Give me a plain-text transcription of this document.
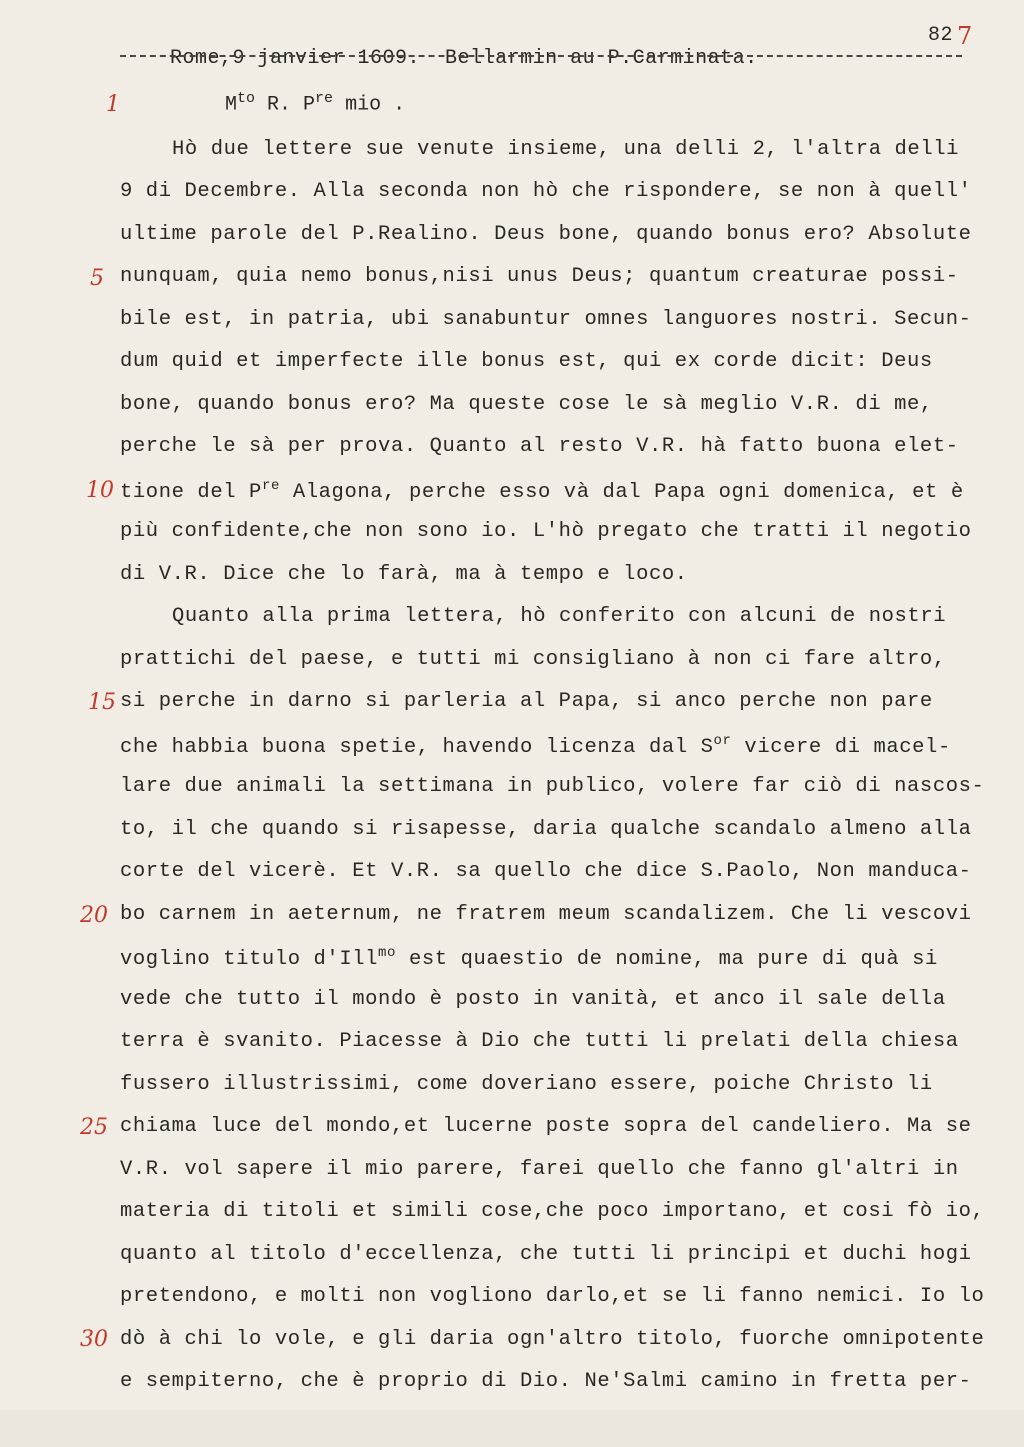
Rome,9 janvier 1609.  Bellarmin au P.Carminata.

82

7

1
5
10
15
20
25
30
$M^{to}$ R. $P^{re}$ mio .
Hò due lettere sue venute insieme, una delli 2, l'altra delli
9 di Decembre. Alla seconda non hò che rispondere, se non à quell'
ultime parole del P.Realino. Deus bone, quando bonus ero? Absolute
nunquam, quia nemo bonus,nisi unus Deus; quantum creaturae possi-
bile est, in patria, ubi sanabuntur omnes languores nostri. Secun-
dum quid et imperfecte ille bonus est, qui ex corde dicit: Deus
bone, quando bonus ero? Ma queste cose le sà meglio V.R. di me,
perche le sà per prova. Quanto al resto V.R. hà fatto buona elet-
tione del $P^{re}$ Alagona, perche esso và dal Papa ogni domenica, et è
più confidente,che non sono io. L'hò pregato che tratti il negotio
di V.R. Dice che lo farà, ma à tempo e loco.
Quanto alla prima lettera, hò conferito con alcuni de nostri
prattichi del paese, e tutti mi consigliano à non ci fare altro,
si perche in darno si parleria al Papa, si anco perche non pare
che habbia buona spetie, havendo licenza dal $S^{or}$ vicere di macel-
lare due animali la settimana in publico, volere far ciò di nascos-
to, il che quando si risapesse, daria qualche scandalo almeno alla
corte del vicerè. Et V.R. sa quello che dice S.Paolo, Non manduca-
bo carnem in aeternum, ne fratrem meum scandalizem. Che li vescovi
voglino titulo d'Ill$^{mo}$ est quaestio de nomine, ma pure di quà si
vede che tutto il mondo è posto in vanità, et anco il sale della
terra è svanito. Piacesse à Dio che tutti li prelati della chiesa
fussero illustrissimi, come doveriano essere, poiche Christo li
chiama luce del mondo,et lucerne poste sopra del candeliero. Ma se
V.R. vol sapere il mio parere, farei quello che fanno gl'altri in
materia di titoli et simili cose,che poco importano, et cosi fò io,
quanto al titolo d'eccellenza, che tutti li principi et duchi hogi
pretendono, e molti non vogliono darlo,et se li fanno nemici. Io lo
dò à chi lo vole, e gli daria ogn'altro titolo, fuorche omnipotente
e sempiterno, che è proprio di Dio. Ne'Salmi camino in fretta per-
